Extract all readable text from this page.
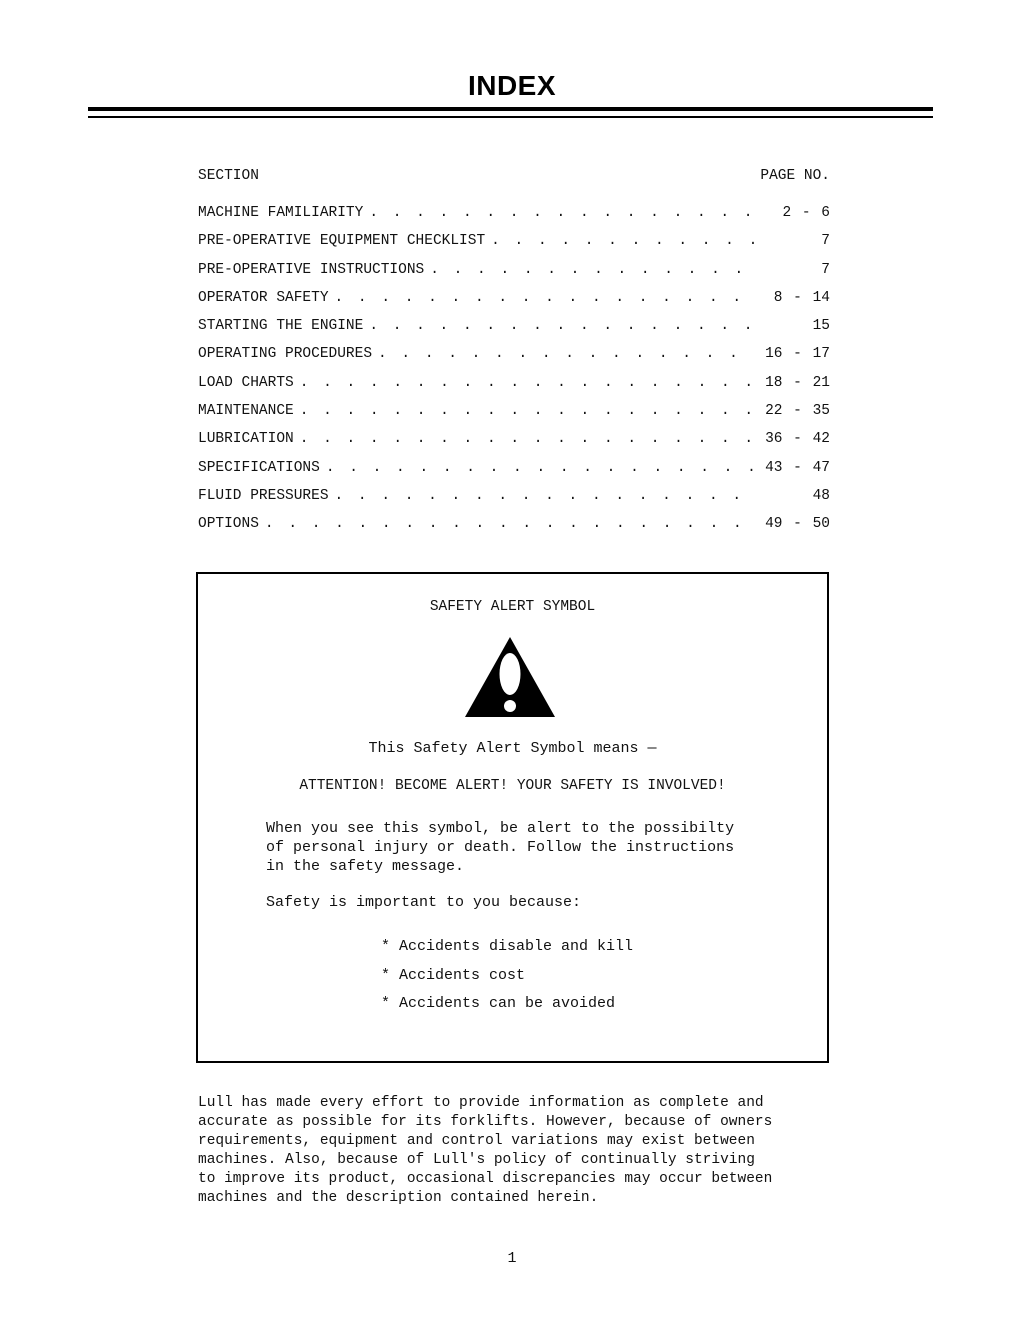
INDEX
SECTION	PAGE NO.
MACHINE FAMILIARITY . . .	2 - 6
PRE-OPERATIVE EQUIPMENT CHECKLIST . . .	7
PRE-OPERATIVE INSTRUCTIONS . . .	7
OPERATOR SAFETY . . .	8 - 14
STARTING THE ENGINE . . .	15
OPERATING PROCEDURES . . .	16 - 17
LOAD CHARTS . . .	18 - 21
MAINTENANCE . . .	22 - 35
LUBRICATION . . .	36 - 42
SPECIFICATIONS . . .	43 - 47
FLUID PRESSURES . . .	48
OPTIONS . . .	49 - 50
SAFETY ALERT SYMBOL
This Safety Alert Symbol means —
ATTENTION! BECOME ALERT! YOUR SAFETY IS INVOLVED!
When you see this symbol, be alert to the possibilty
of personal injury or death. Follow the instructions
in the safety message.
Safety is important to you because:
* Accidents disable and kill
* Accidents cost
* Accidents can be avoided
Lull has made every effort to provide information as complete and
accurate as possible for its forklifts. However, because of owners
requirements, equipment and control variations may exist between
machines. Also, because of Lull's policy of continually striving
to improve its product, occasional discrepancies may occur between
machines and the description contained herein.
1
